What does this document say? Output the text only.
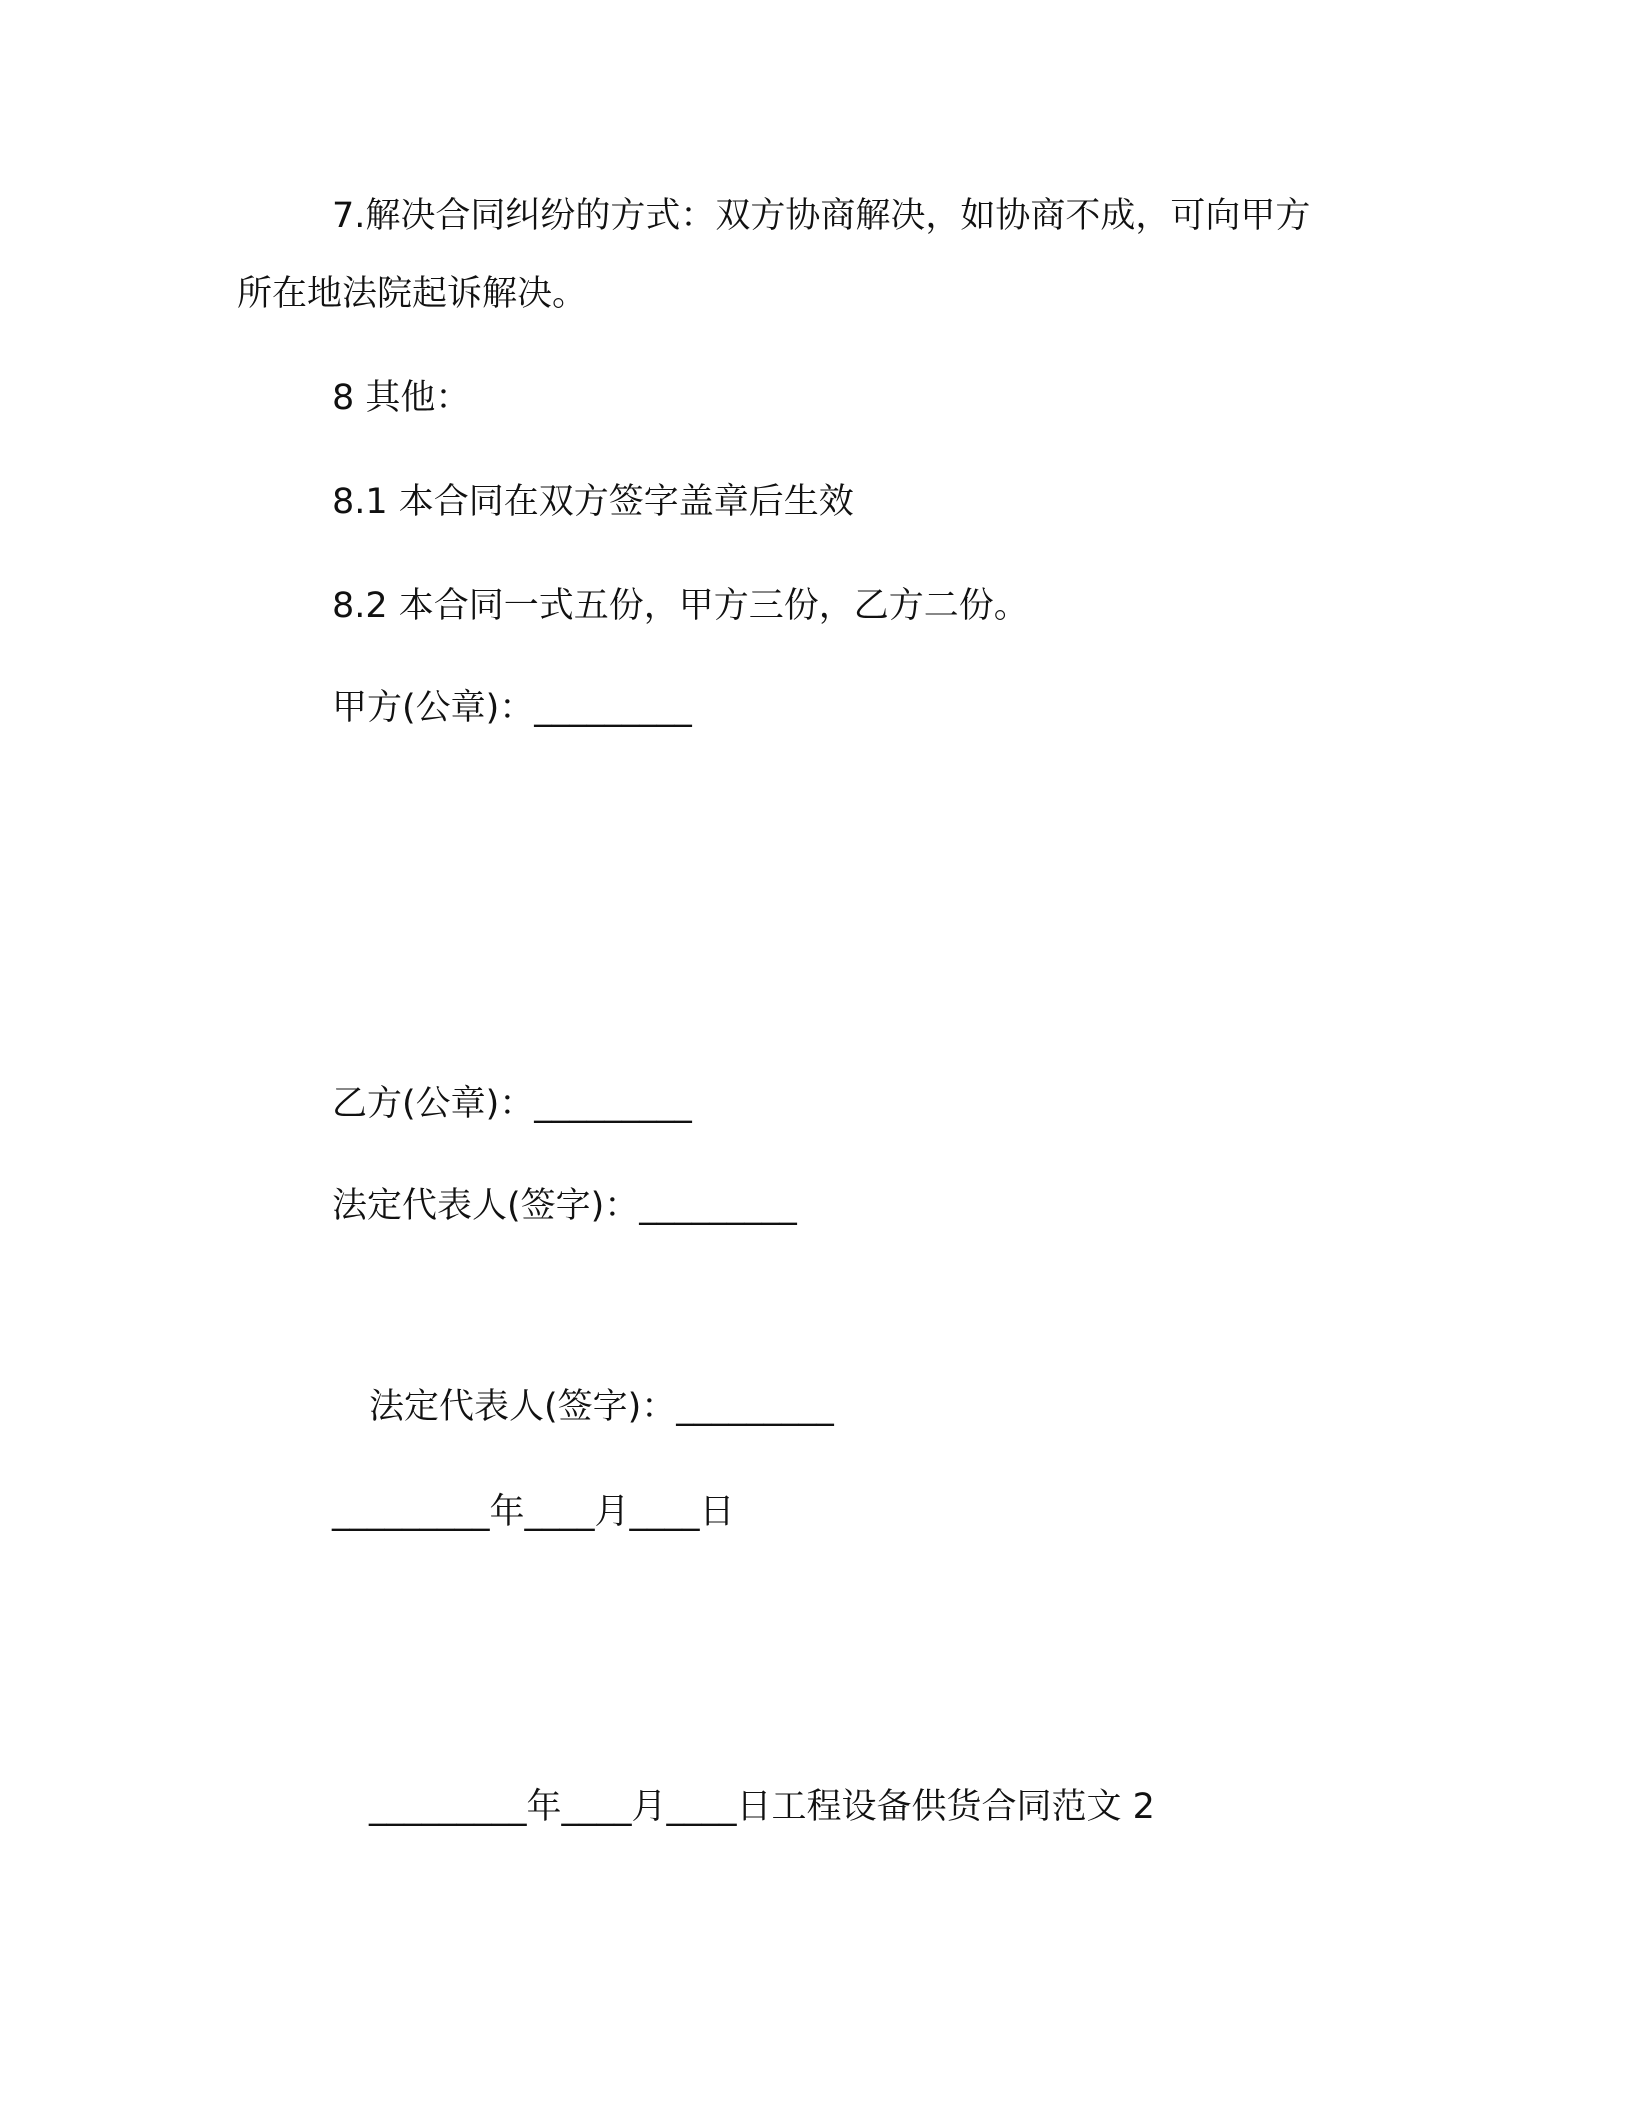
7.解决合同纠纷的方式：双方协商解决，如协商不成，可向甲方
所在地法院起诉解决。
8 其他：
8.1 本合同在双方签字盖章后生效
8.2 本合同一式五份，甲方三份，乙方二份。
甲方(公章)：_________
乙方(公章)：_________
法定代表人(签字)：_________
法定代表人(签字)：_________
_________年____月____日
_________年____月____日工程设备供货合同范文 2
